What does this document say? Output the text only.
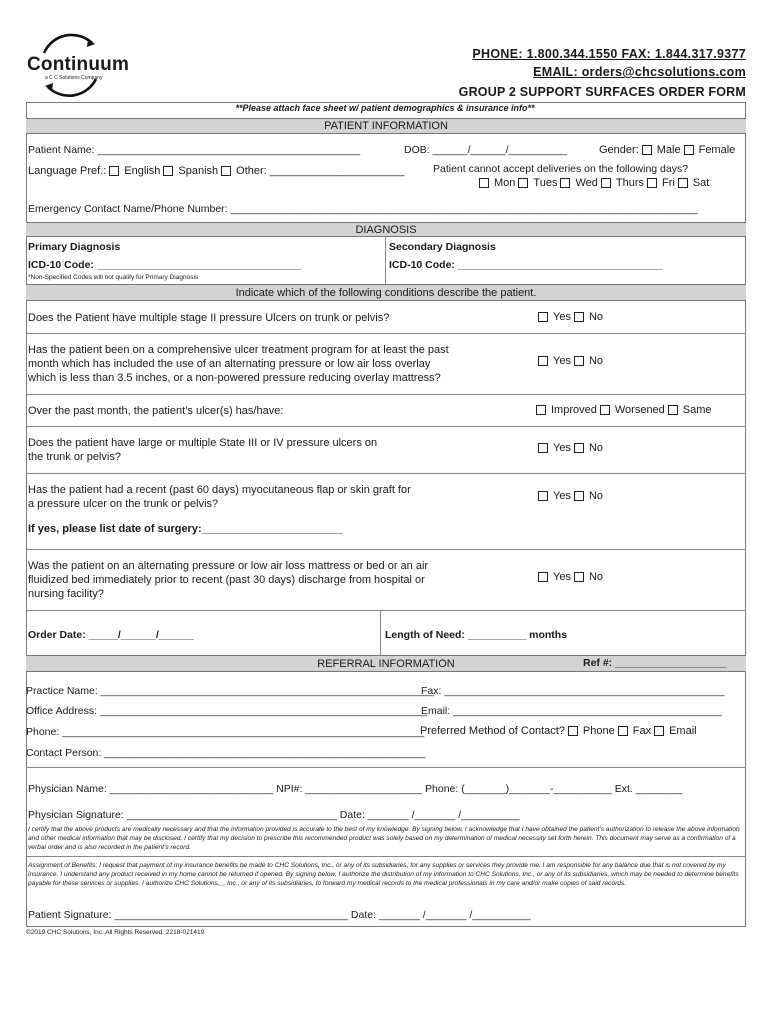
Continuum
a C C Solutions Company
PHONE: 1.800.344.1550 FAX: 1.844.317.9377
EMAIL: orders@chcsolutions.com
GROUP 2 SUPPORT SURFACES ORDER FORM
**Please attach face sheet w/ patient demographics & insurance info**
PATIENT INFORMATION
Patient Name: _____________________________________________	DOB: ______/______/__________	Gender: Male Female
Language Pref.: English Spanish Other: ______________________	Patient cannot accept deliveries on the following days?
Mon Tues Wed Thurs Fri Sat
Emergency Contact Name/Phone Number: ________________________________________________________________________________
DIAGNOSIS
Primary Diagnosis
ICD-10 Code: ___________________________________
*Non-Specified Codes will not qualify for Primary Diagnosis
Secondary Diagnosis
ICD-10 Code: ___________________________________
Indicate which of the following conditions describe the patient.
Does the Patient have multiple stage II pressure Ulcers on trunk or pelvis?	Yes No
Has the patient been on a comprehensive ulcer treatment program for at least the past
month which has included the use of an alternating pressure or low air loss overlay
which is less than 3.5 inches, or a non-powered pressure reducing overlay mattress?
Yes No
Over the past month, the patient’s ulcer(s) has/have:	Improved Worsened Same
Does the patient have large or multiple State III or IV pressure ulcers on
the trunk or pelvis?
Yes No
Has the patient had a recent (past 60 days) myocutaneous flap or skin graft for
a pressure ulcer on the trunk or pelvis?
Yes No
If yes, please list date of surgery:_______________________
Was the patient on an alternating pressure or low air loss mattress or bed or an air
fluidized bed immediately prior to recent (past 30 days) discharge from hospital or
nursing facility?
Yes No
Order Date: _____/______/______	Length of Need: __________ months
REFERRAL INFORMATION	Ref #: ___________________
Practice Name: _________________________________________________________
Office Address: ________________________________________________________
Phone: ______________________________________________________________
Contact Person: _______________________________________________________
Fax: ________________________________________________
Email: ______________________________________________
Preferred Method of Contact? Phone Fax Email
Physician Name: ____________________________ NPI#: ____________________ Phone: (_______)_______-__________ Ext. ________
Physician Signature: ____________________________________ Date: _______ /_______ /__________
I certify that the above products are medically necessary and that the information provided is accurate to the best of my knowledge. By signing below, I acknowledge that I have obtained the patient’s authorization to release the above information and other medical information that may be disclosed. I certify that my decision to prescribe this recommended product was solely based on my determination of medical necessity set forth herein. This document may serve as a confirmation of a verbal order and is also recorded in the patient’s record.
Assignment of Benefits: I request that payment of my insurance benefits be made to CHC Solutions, Inc., or any of its subsidiaries, for any supplies or services they provide me. I am responsible for any balance due that is not covered by my insurance. I understand any product received in my home cannot be returned if opened. By signing below, I authorize the distribution of my information to CHC Solutions, Inc., or any of its subsidiaries, which may be needed to determine benefits payable for these services or supplies. I authorize CHC Solutions,_, Inc., or any of its subsidiaries, to forward my medical records to the medical professionals in my care and/or make copies of said records.
Patient Signature: ________________________________________ Date: _______ /_______ /__________
©2019 CHC Solutions, Inc. All Rights Reserved. 2218-021419
